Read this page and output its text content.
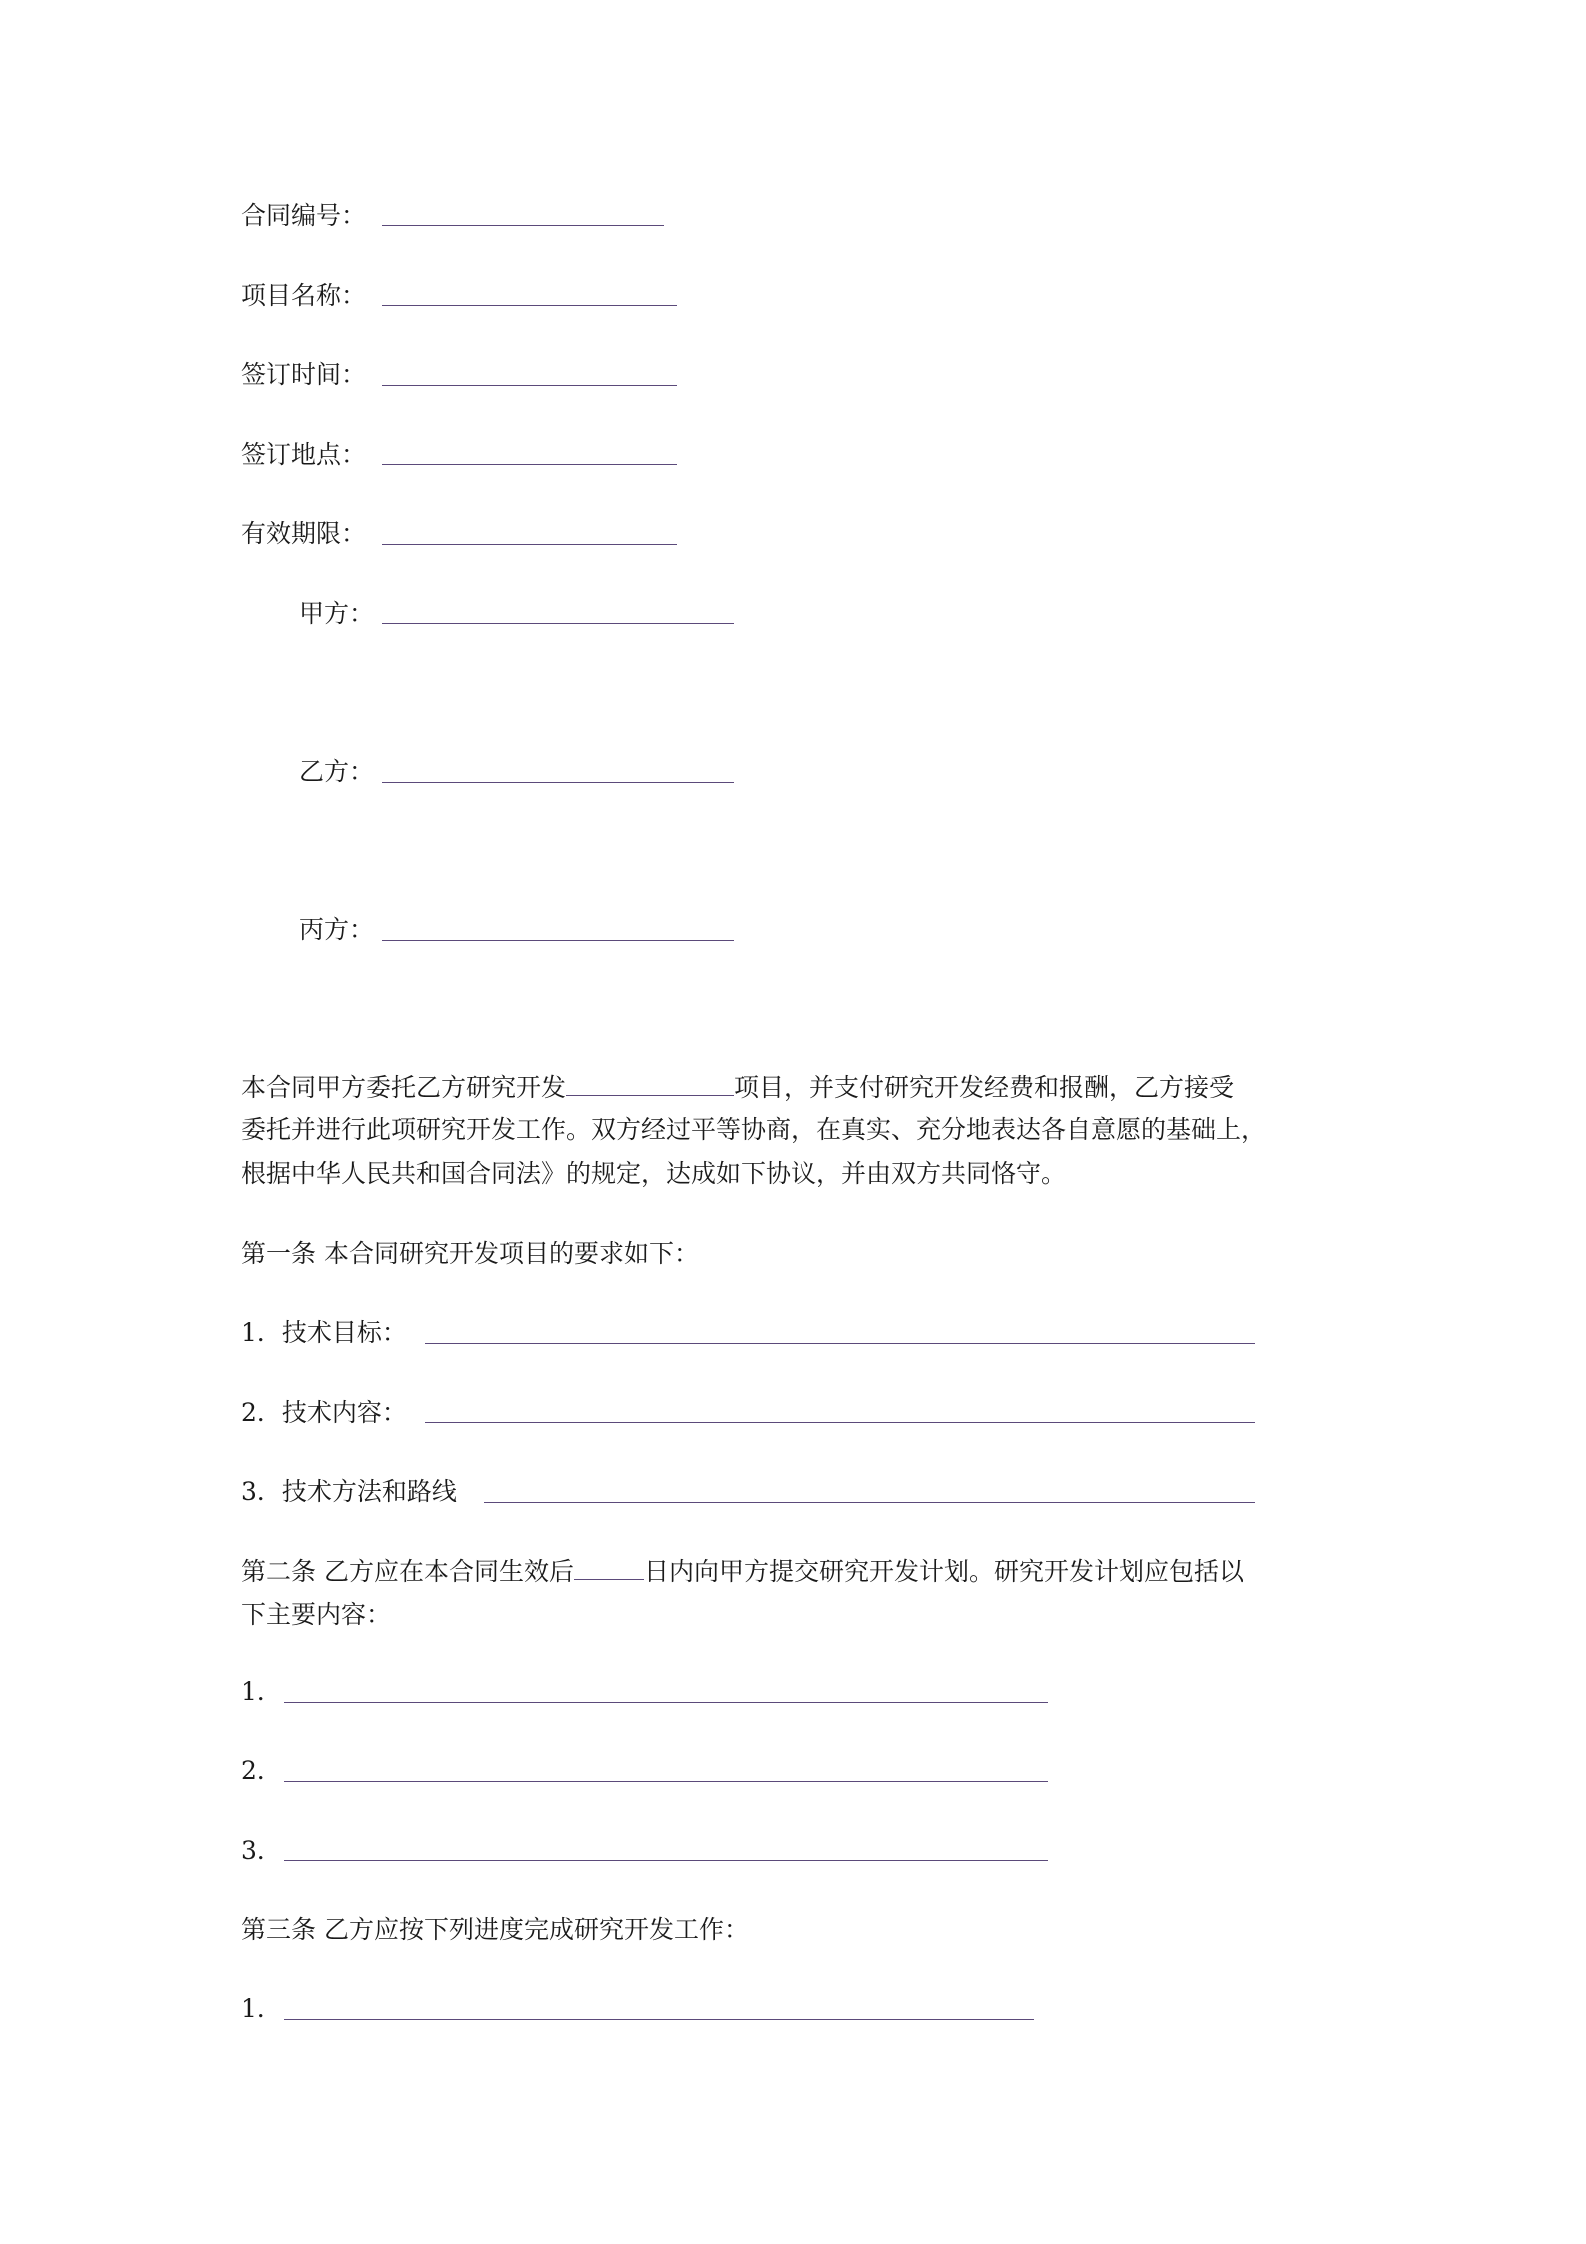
合同编号：
项目名称：
签订时间：
签订地点：
有效期限：
甲方：
乙方：
丙方：
本合同甲方委托乙方研究开发	项目，并支付研究开发经费和报酬，乙方接受
委托并进行此项研究开发工作。双方经过平等协商，在真实、充分地表达各自意愿的基础上，
根据中华人民共和国合同法》的规定，达成如下协议，并由双方共同恪守。
第一条 本合同研究开发项目的要求如下：
1．技术目标：
2．技术内容：
3．技术方法和路线
第二条 乙方应在本合同生效后	日内向甲方提交研究开发计划。研究开发计划应包括以
下主要内容：
1．
2．
3．
第三条 乙方应按下列进度完成研究开发工作：
1．
